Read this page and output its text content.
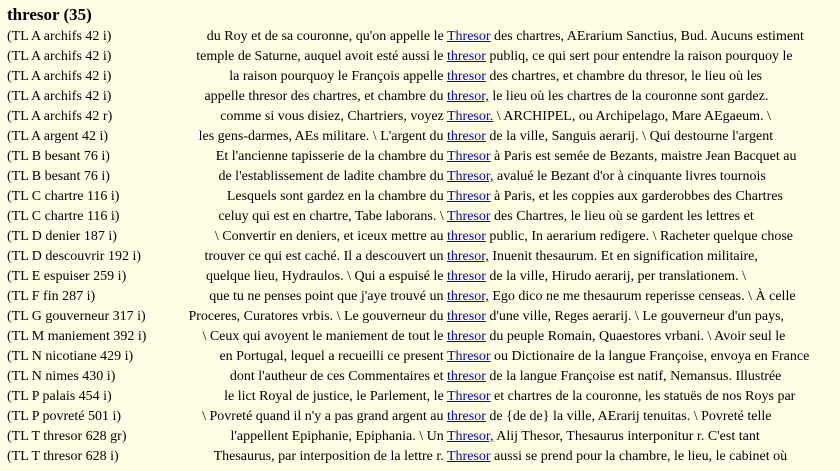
thresor (35)
(TL A archifs 42 i)	du Roy et de sa couronne, qu'on appelle le Thresor des chartres, AErarium Sanctius, Bud. Aucuns estiment
(TL A archifs 42 i)	temple de Saturne, auquel avoit esté aussi le thresor publiq, ce qui sert pour entendre la raison pourquoy le
(TL A archifs 42 i)	la raison pourquoy le François appelle thresor des chartres, et chambre du thresor, le lieu où les
(TL A archifs 42 i)	appelle thresor des chartres, et chambre du thresor, le lieu où les chartres de la couronne sont gardez.
(TL A archifs 42 r)	comme si vous disiez, Chartriers, voyez Thresor. \ ARCHIPEL, ou Archipelago, Mare AEgaeum. \
(TL A argent 42 i)	les gens-darmes, AEs militare. \ L'argent du thresor de la ville, Sanguis aerarij. \ Qui destourne l'argent
(TL B besant 76 i)	Et l'ancienne tapisserie de la chambre du Thresor à Paris est semée de Bezants, maistre Jean Bacquet au
(TL B besant 76 i)	de l'establissement de ladite chambre du Thresor, avalué le Bezant d'or à cinquante livres tournois
(TL C chartre 116 i)	Lesquels sont gardez en la chambre du Thresor à Paris, et les coppies aux garderobbes des Chartres
(TL C chartre 116 i)	celuy qui est en chartre, Tabe laborans. \ Thresor des Chartres, le lieu où se gardent les lettres et
(TL D denier 187 i)	\ Convertir en deniers, et iceux mettre au thresor public, In aerarium redigere. \ Racheter quelque chose
(TL D descouvrir 192 i)	trouver ce qui est caché. Il a descouvert un thresor, Inuenit thesaurum. Et en signification militaire,
(TL E espuiser 259 i)	quelque lieu, Hydraulos. \ Qui a espuisé le thresor de la ville, Hirudo aerarij, per translationem. \
(TL F fin 287 i)	que tu ne penses point que j'aye trouvé un thresor, Ego dico ne me thesaurum reperisse censeas. \ À celle
(TL G gouverneur 317 i)	Proceres, Curatores vrbis. \ Le gouverneur du thresor d'une ville, Reges aerarij. \ Le gouverneur d'un pays,
(TL M maniement 392 i)	\ Ceux qui avoyent le maniement de tout le thresor du peuple Romain, Quaestores vrbani. \ Avoir seul le
(TL N nicotiane 429 i)	en Portugal, lequel a recueilli ce present Thresor ou Dictionaire de la langue Françoise, envoya en France
(TL N nimes 430 i)	dont l'autheur de ces Commentaires et thresor de la langue Françoise est natif, Nemansus. Illustrée
(TL P palais 454 i)	le lict Royal de justice, le Parlement, le Thresor et chartres de la couronne, les statuës de nos Roys par
(TL P povreté 501 i)	\ Povreté quand il n'y a pas grand argent au thresor de {de de} la ville, AErarij tenuitas. \ Povreté telle
(TL T thresor 628 gr)	l'appellent Epiphanie, Epiphania. \ Un Thresor, Alij Thesor, Thesaurus interponitur r. C'est tant
(TL T thresor 628 i)	Thesaurus, par interposition de la lettre r. Thresor aussi se prend pour la chambre, le lieu, le cabinet où
